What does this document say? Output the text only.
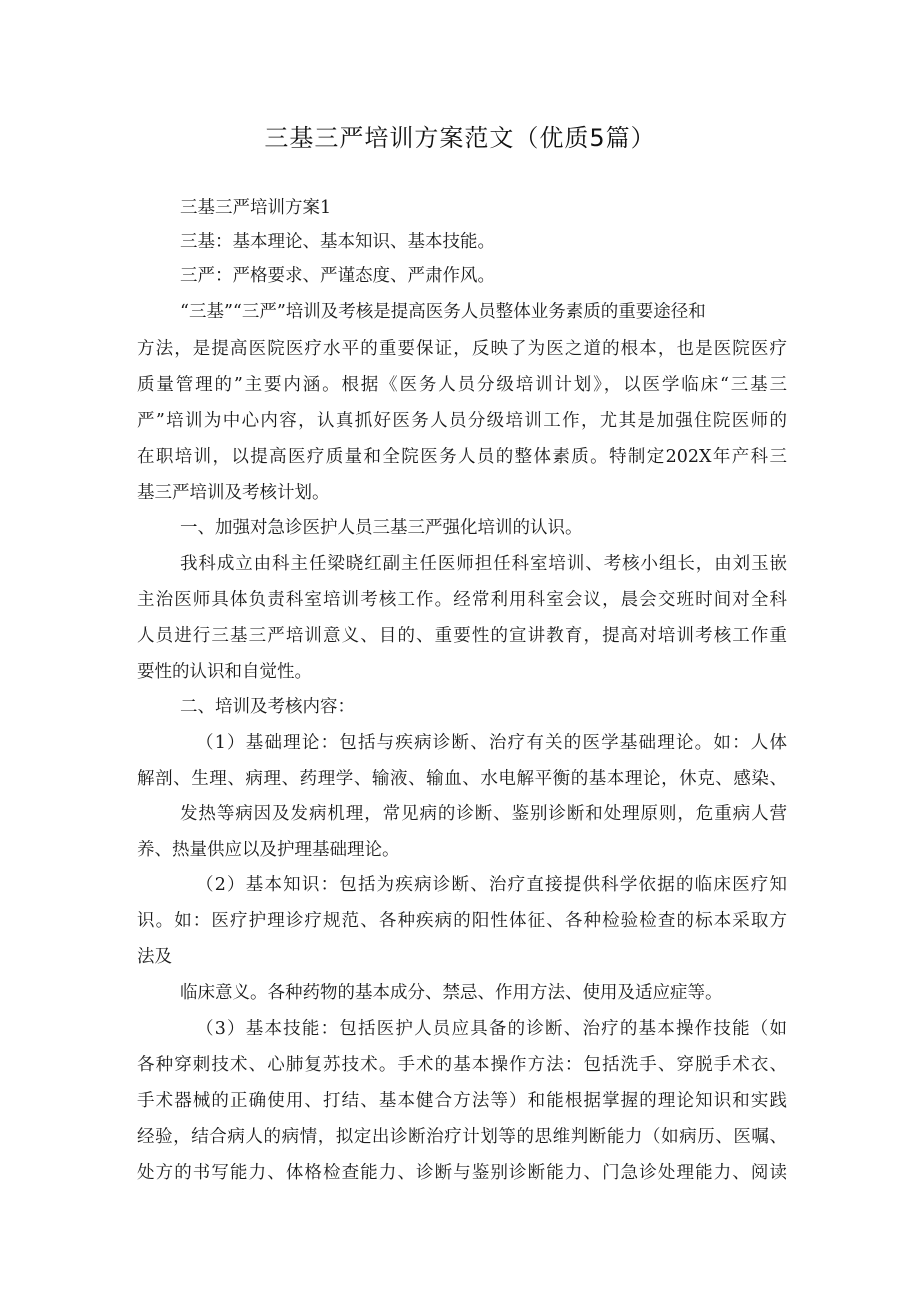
三基三严培训方案范文（优质5篇）
三基三严培训方案1
三基：基本理论、基本知识、基本技能。
三严：严格要求、严谨态度、严肃作风。
“三基”“三严”培训及考核是提高医务人员整体业务素质的重要途径和
方法，是提高医院医疗水平的重要保证，反映了为医之道的根本，也是医院医疗
质量管理的”主要内涵。根据《医务人员分级培训计划》，以医学临床“三基三
严”培训为中心内容，认真抓好医务人员分级培训工作，尤其是加强住院医师的
在职培训，以提高医疗质量和全院医务人员的整体素质。特制定202X年产科三
基三严培训及考核计划。
一、加强对急诊医护人员三基三严强化培训的认识。
我科成立由科主任梁晓红副主任医师担任科室培训、考核小组长，由刘玉嵌
主治医师具体负责科室培训考核工作。经常利用科室会议，晨会交班时间对全科
人员进行三基三严培训意义、目的、重要性的宣讲教育，提高对培训考核工作重
要性的认识和自觉性。
二、培训及考核内容：
（1）基础理论：包括与疾病诊断、治疗有关的医学基础理论。如：人体
解剖、生理、病理、药理学、输液、输血、水电解平衡的基本理论，休克、感染、
发热等病因及发病机理，常见病的诊断、鉴别诊断和处理原则，危重病人营
养、热量供应以及护理基础理论。
（2）基本知识：包括为疾病诊断、治疗直接提供科学依据的临床医疗知
识。如：医疗护理诊疗规范、各种疾病的阳性体征、各种检验检查的标本采取方
法及
临床意义。各种药物的基本成分、禁忌、作用方法、使用及适应症等。
（3）基本技能：包括医护人员应具备的诊断、治疗的基本操作技能（如
各种穿刺技术、心肺复苏技术。手术的基本操作方法：包括洗手、穿脱手术衣、
手术器械的正确使用、打结、基本健合方法等）和能根据掌握的理论知识和实践
经验，结合病人的病情，拟定出诊断治疗计划等的思维判断能力（如病历、医嘱、
处方的书写能力、体格检查能力、诊断与鉴别诊断能力、门急诊处理能力、阅读
